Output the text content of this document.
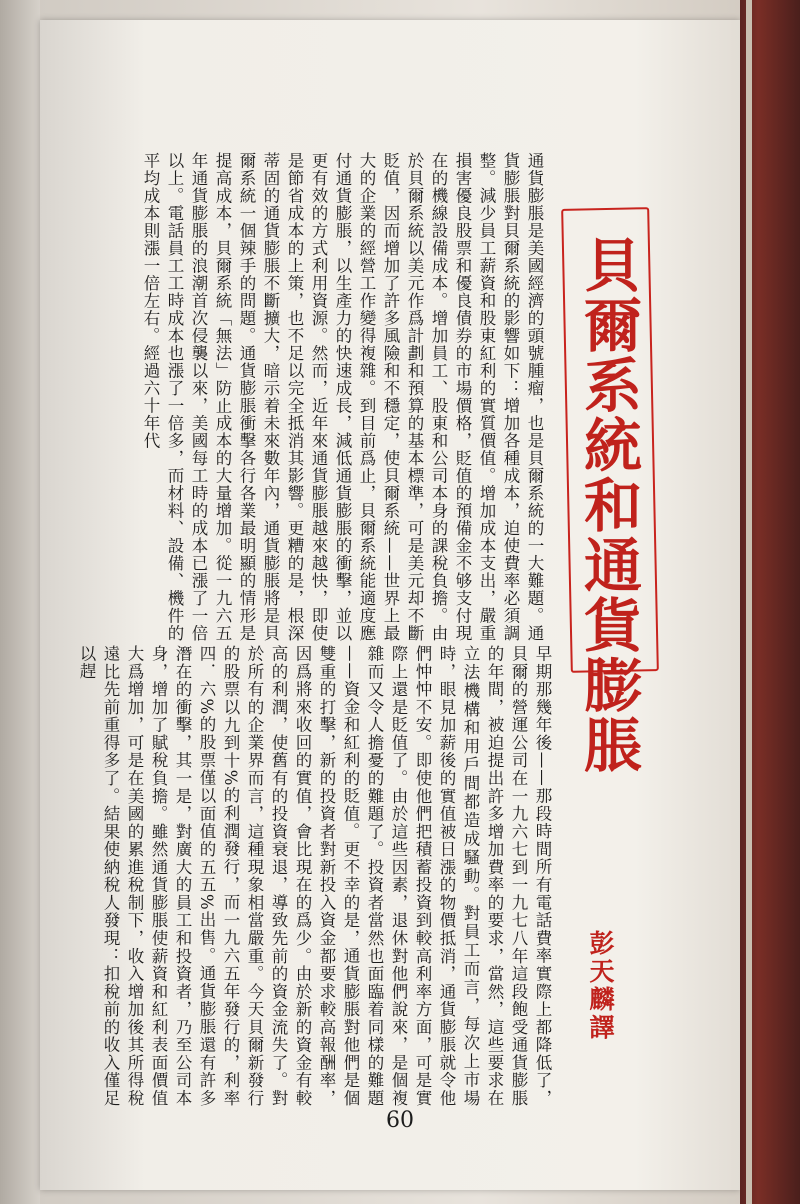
貝爾系統和通貨膨脹
彭天麟譯
通貨膨脹是美國經濟的頭號腫瘤，也是貝爾系統的一大難題。通貨膨脹對貝爾系統的影響如下：增加各種成本，迫使費率必須調整。減少員工薪資和股東紅利的實質價值。增加成本支出，嚴重損害優良股票和優良債券的市場價格，貶值的預備金不够支付現在的機線設備成本。增加員工、股東和公司本身的課稅負擔。由於貝爾系統以美元作爲計劃和預算的基本標準，可是美元却不斷貶值，因而增加了許多風險和不穩定，使貝爾系統——世界上最大的企業的經營工作變得複雜。到目前爲止，貝爾系統能適度應付通貨膨脹，以生產力的快速成長，減低通貨膨脹的衝擊，並以更有效的方式利用資源。然而，近年來通貨膨脹越來越快，即使是節省成本的上策，也不足以完全抵消其影響。更糟的是，根深蒂固的通貨膨脹不斷擴大，暗示着未來數年內，通貨膨脹將是貝爾系統一個辣手的問題。通貨膨脹衝擊各行各業最明顯的情形是提高成本，貝爾系統「無法」防止成本的大量增加。從一九六五年通貨膨脹的浪潮首次侵襲以來，美國每工時的成本已漲了一倍以上。電話員工工時成本也漲了一倍多，而材料、設備、機件的平均成本則漲一倍左右。經過六十年代
早期那幾年後——那段時間所有電話費率實際上都降低了，貝爾的營運公司在一九六七到一九七八年這段飽受通貨膨脹的年間，被迫提出許多增加費率的要求，當然，這些要求在立法機構和用戶間都造成騷動。對員工而言，每次上市場時，眼見加薪後的實值被日漲的物價抵消，通貨膨脹就令他們忡忡不安。即使他們把積蓄投資到較高利率方面，可是實際上還是貶值了。由於這些因素，退休對他們說來，是個複雜而又令人擔憂的難題了。投資者當然也面臨着同樣的難題——資金和紅利的貶值。更不幸的是，通貨膨脹對他們是個雙重的打擊，新的投資者對新投入資金都要求較高報酬率，因爲將來收回的實值，會比現在的爲少。由於新的資金有較高的利潤，使舊有的投資衰退，導致先前的資金流失了。對於所有的企業界而言，這種現象相當嚴重。今天貝爾新發行的股票以九到十%的利潤發行，而一九六五年發行的，利率四．六%的股票僅以面值的五五%出售。通貨膨脹還有許多潛在的衝擊，其一是，對廣大的員工和投資者，乃至公司本身，增加了賦稅負擔。雖然通貨膨脹使薪資和紅利表面價值大爲增加，可是在美國的累進稅制下，收入增加後其所得稅遠比先前重得多了。結果使納稅人發現：扣稅前的收入僅足以趕
60
